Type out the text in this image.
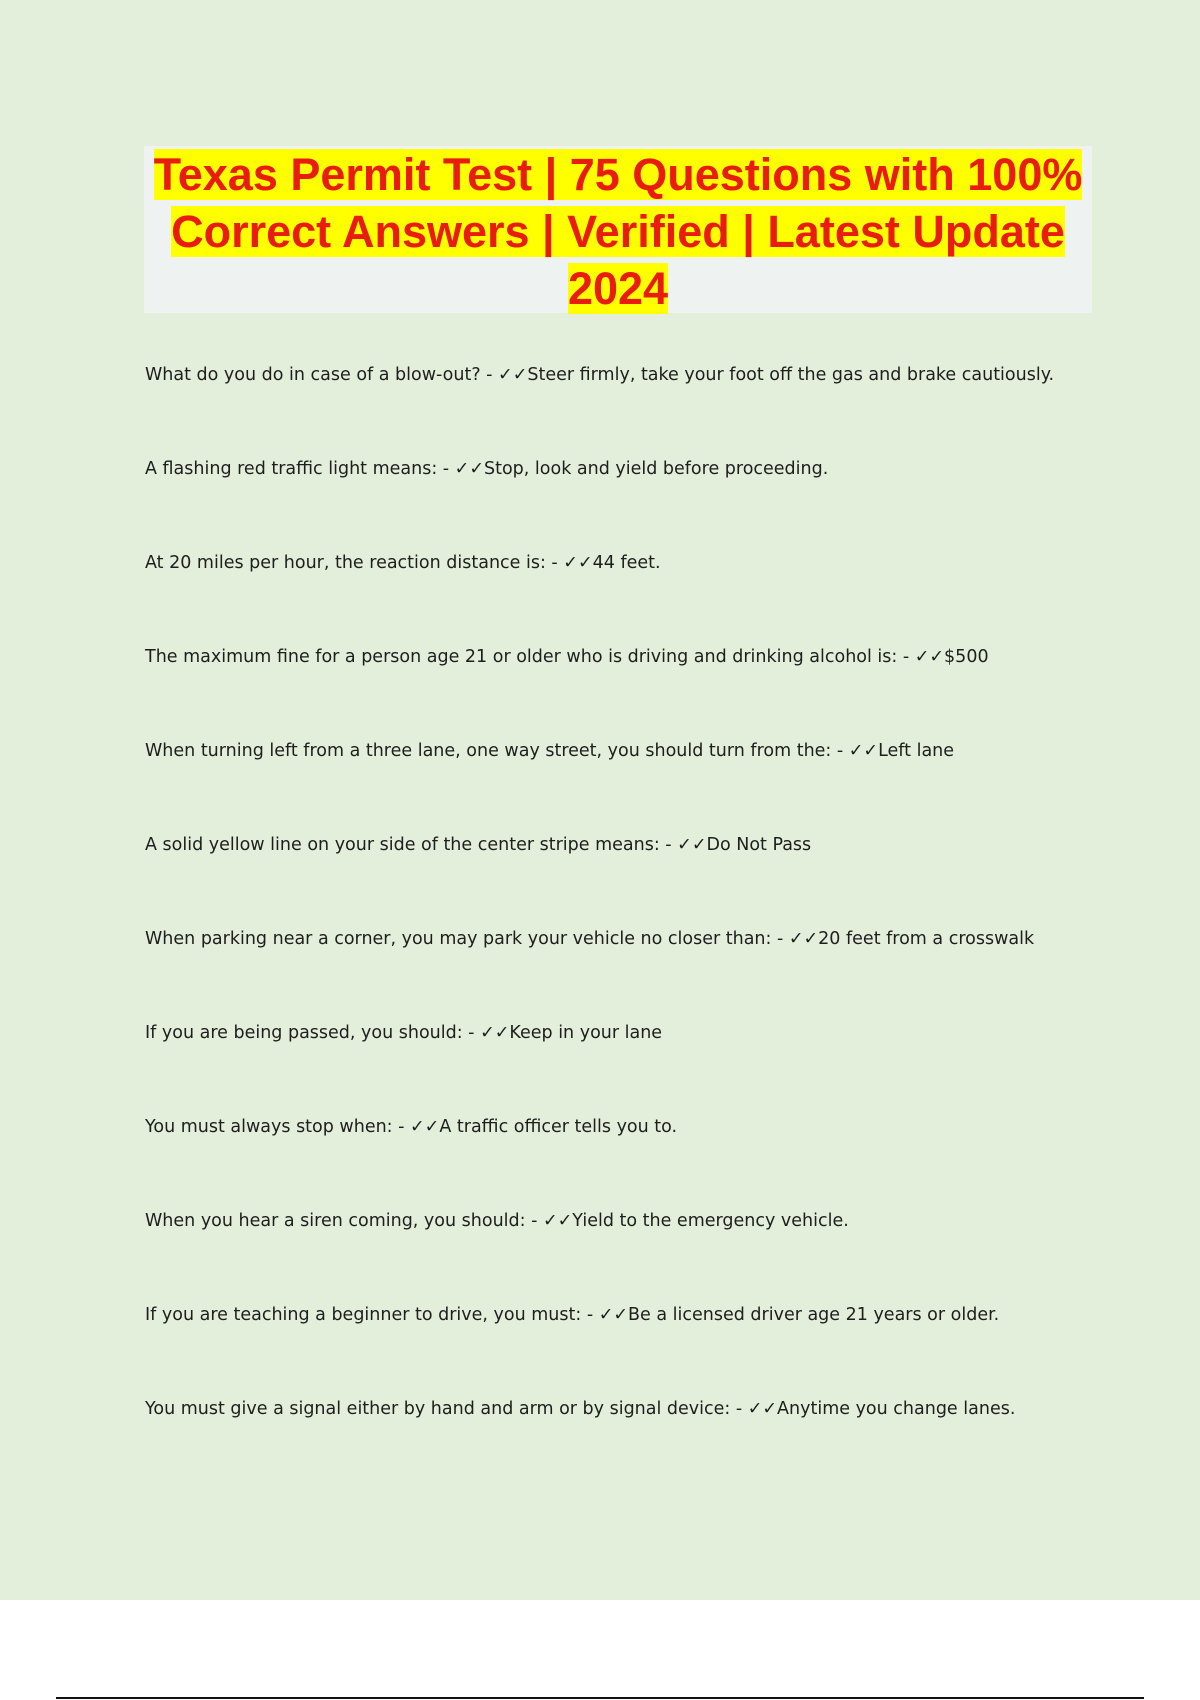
Texas Permit Test | 75 Questions with 100% Correct Answers | Verified | Latest Update 2024

What do you do in case of a blow-out? - ✓✓Steer firmly, take your foot off the gas and brake cautiously.
A flashing red traffic light means: - ✓✓Stop, look and yield before proceeding.
At 20 miles per hour, the reaction distance is: - ✓✓44 feet.
The maximum fine for a person age 21 or older who is driving and drinking alcohol is: - ✓✓$500
When turning left from a three lane, one way street, you should turn from the: - ✓✓Left lane
A solid yellow line on your side of the center stripe means: - ✓✓Do Not Pass
When parking near a corner, you may park your vehicle no closer than: - ✓✓20 feet from a crosswalk
If you are being passed, you should: - ✓✓Keep in your lane
You must always stop when: - ✓✓A traffic officer tells you to.
When you hear a siren coming, you should: - ✓✓Yield to the emergency vehicle.
If you are teaching a beginner to drive, you must: - ✓✓Be a licensed driver age 21 years or older.
You must give a signal either by hand and arm or by signal device: - ✓✓Anytime you change lanes.
